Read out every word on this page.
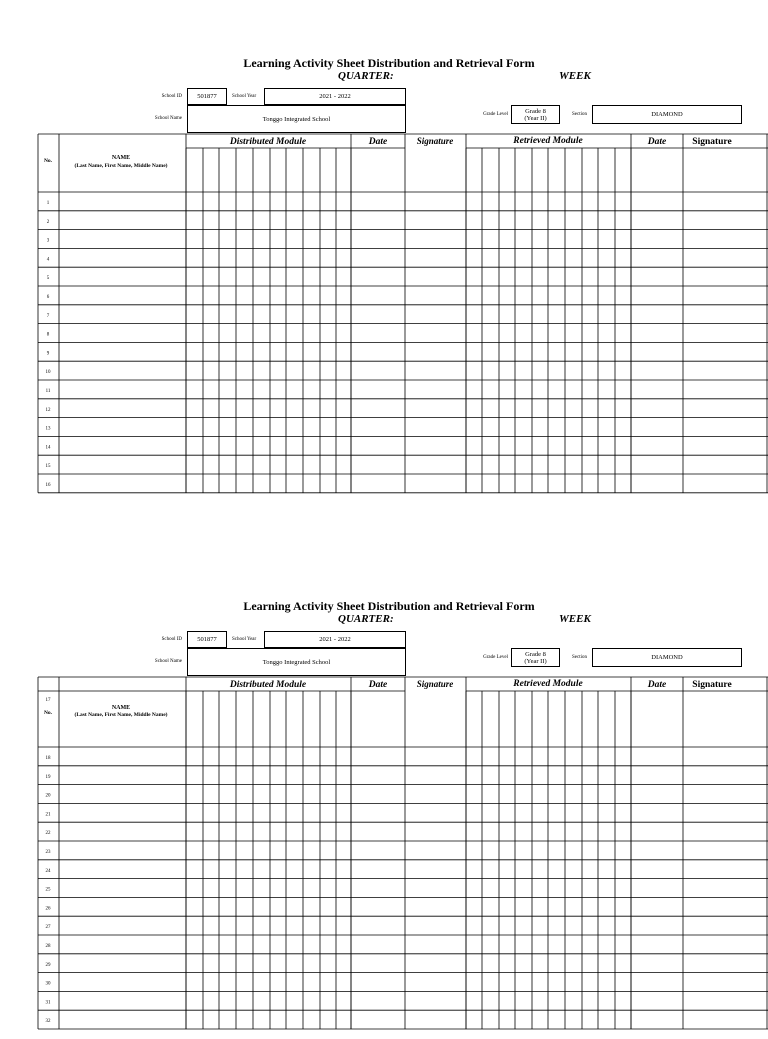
Learning Activity Sheet Distribution and Retrieval Form
QUARTER:	WEEK
School ID	501877	School Year	2021 - 2022
School Name	Tonggo Integrated School
Grade Level	Grade 8
(Year II)	Section	DIAMOND
No.	NAME
(Last Name, First Name, Middle Name)
Distributed Module	Date	Signature	Retrieved Module	Date	Signature
1
2
3
4
5
6
7
8
9
10
11
12
13
14
15
16
Learning Activity Sheet Distribution and Retrieval Form
QUARTER:	WEEK
School ID	501877	School Year	2021 - 2022
School Name	Tonggo Integrated School
Grade Level	Grade 8
(Year II)	Section	DIAMOND
17
No.
NAME
(Last Name, First Name, Middle Name)
Distributed Module	Date	Signature	Retrieved Module	Date	Signature
18
19
20
21
22
23
24
25
26
27
28
29
30
31
32
